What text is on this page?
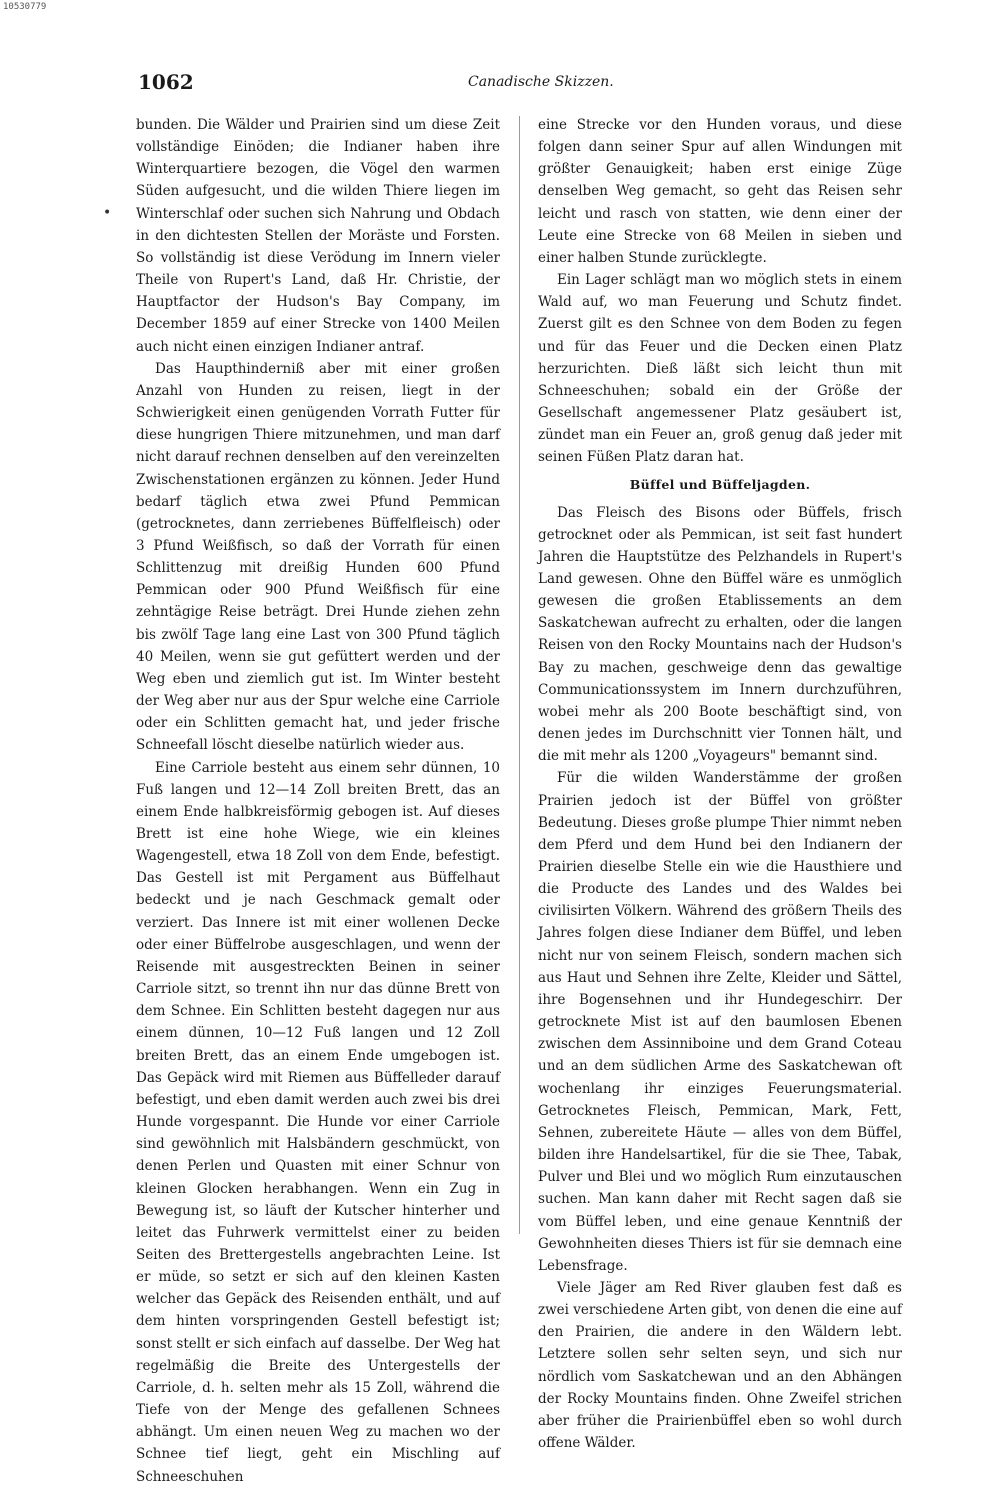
10530779
1062	Canadische Skizzen.
•

bunden. Die Wälder und Prairien sind um diese Zeit vollständige Einöden; die Indianer haben ihre Winterquartiere bezogen, die Vögel den warmen Süden aufgesucht, und die wilden Thiere liegen im Winterschlaf oder suchen sich Nahrung und Obdach in den dichtesten Stellen der Moräste und Forsten. So vollständig ist diese Verödung im Innern vieler Theile von Rupert's Land, daß Hr. Christie, der Hauptfactor der Hudson's Bay Company, im December 1859 auf einer Strecke von 1400 Meilen auch nicht einen einzigen Indianer antraf.

Das Haupthinderniß aber mit einer großen Anzahl von Hunden zu reisen, liegt in der Schwierigkeit einen genügenden Vorrath Futter für diese hungrigen Thiere mitzunehmen, und man darf nicht darauf rechnen denselben auf den vereinzelten Zwischenstationen ergänzen zu können. Jeder Hund bedarf täglich etwa zwei Pfund Pemmican (getrocknetes, dann zerriebenes Büffelfleisch) oder 3 Pfund Weißfisch, so daß der Vorrath für einen Schlittenzug mit dreißig Hunden 600 Pfund Pemmican oder 900 Pfund Weißfisch für eine zehntägige Reise beträgt. Drei Hunde ziehen zehn bis zwölf Tage lang eine Last von 300 Pfund täglich 40 Meilen, wenn sie gut gefüttert werden und der Weg eben und ziemlich gut ist. Im Winter besteht der Weg aber nur aus der Spur welche eine Carriole oder ein Schlitten gemacht hat, und jeder frische Schneefall löscht dieselbe natürlich wieder aus.

Eine Carriole besteht aus einem sehr dünnen, 10 Fuß langen und 12—14 Zoll breiten Brett, das an einem Ende halbkreisförmig gebogen ist. Auf dieses Brett ist eine hohe Wiege, wie ein kleines Wagengestell, etwa 18 Zoll von dem Ende, befestigt. Das Gestell ist mit Pergament aus Büffelhaut bedeckt und je nach Geschmack gemalt oder verziert. Das Innere ist mit einer wollenen Decke oder einer Büffelrobe ausgeschlagen, und wenn der Reisende mit ausgestreckten Beinen in seiner Carriole sitzt, so trennt ihn nur das dünne Brett von dem Schnee. Ein Schlitten besteht dagegen nur aus einem dünnen, 10—12 Fuß langen und 12 Zoll breiten Brett, das an einem Ende umgebogen ist. Das Gepäck wird mit Riemen aus Büffelleder darauf befestigt, und eben damit werden auch zwei bis drei Hunde vorgespannt. Die Hunde vor einer Carriole sind gewöhnlich mit Halsbändern geschmückt, von denen Perlen und Quasten mit einer Schnur von kleinen Glocken herabhangen. Wenn ein Zug in Bewegung ist, so läuft der Kutscher hinterher und leitet das Fuhrwerk vermittelst einer zu beiden Seiten des Brettergestells angebrachten Leine. Ist er müde, so setzt er sich auf den kleinen Kasten welcher das Gepäck des Reisenden enthält, und auf dem hinten vorspringenden Gestell befestigt ist; sonst stellt er sich einfach auf dasselbe. Der Weg hat regelmäßig die Breite des Untergestells der Carriole, d. h. selten mehr als 15 Zoll, während die Tiefe von der Menge des gefallenen Schnees abhängt. Um einen neuen Weg zu machen wo der Schnee tief liegt, geht ein Mischling auf Schneeschuhen

eine Strecke vor den Hunden voraus, und diese folgen dann seiner Spur auf allen Windungen mit größter Genauigkeit; haben erst einige Züge denselben Weg gemacht, so geht das Reisen sehr leicht und rasch von statten, wie denn einer der Leute eine Strecke von 68 Meilen in sieben und einer halben Stunde zurücklegte.

Ein Lager schlägt man wo möglich stets in einem Wald auf, wo man Feuerung und Schutz findet. Zuerst gilt es den Schnee von dem Boden zu fegen und für das Feuer und die Decken einen Platz herzurichten. Dieß läßt sich leicht thun mit Schneeschuhen; sobald ein der Größe der Gesellschaft angemessener Platz gesäubert ist, zündet man ein Feuer an, groß genug daß jeder mit seinen Füßen Platz daran hat.

Büffel und Büffeljagden.

Das Fleisch des Bisons oder Büffels, frisch getrocknet oder als Pemmican, ist seit fast hundert Jahren die Hauptstütze des Pelzhandels in Rupert's Land gewesen. Ohne den Büffel wäre es unmöglich gewesen die großen Etablissements an dem Saskatchewan aufrecht zu erhalten, oder die langen Reisen von den Rocky Mountains nach der Hudson's Bay zu machen, geschweige denn das gewaltige Communicationssystem im Innern durchzuführen, wobei mehr als 200 Boote beschäftigt sind, von denen jedes im Durchschnitt vier Tonnen hält, und die mit mehr als 1200 „Voyageurs" bemannt sind.

Für die wilden Wanderstämme der großen Prairien jedoch ist der Büffel von größter Bedeutung. Dieses große plumpe Thier nimmt neben dem Pferd und dem Hund bei den Indianern der Prairien dieselbe Stelle ein wie die Hausthiere und die Producte des Landes und des Waldes bei civilisirten Völkern. Während des größern Theils des Jahres folgen diese Indianer dem Büffel, und leben nicht nur von seinem Fleisch, sondern machen sich aus Haut und Sehnen ihre Zelte, Kleider und Sättel, ihre Bogensehnen und ihr Hundegeschirr. Der getrocknete Mist ist auf den baumlosen Ebenen zwischen dem Assinniboine und dem Grand Coteau und an dem südlichen Arme des Saskatchewan oft wochenlang ihr einziges Feuerungsmaterial. Getrocknetes Fleisch, Pemmican, Mark, Fett, Sehnen, zubereitete Häute — alles von dem Büffel, bilden ihre Handelsartikel, für die sie Thee, Tabak, Pulver und Blei und wo möglich Rum einzutauschen suchen. Man kann daher mit Recht sagen daß sie vom Büffel leben, und eine genaue Kenntniß der Gewohnheiten dieses Thiers ist für sie demnach eine Lebensfrage.

Viele Jäger am Red River glauben fest daß es zwei verschiedene Arten gibt, von denen die eine auf den Prairien, die andere in den Wäldern lebt. Letztere sollen sehr selten seyn, und sich nur nördlich vom Saskatchewan und an den Abhängen der Rocky Mountains finden. Ohne Zweifel strichen aber früher die Prairienbüffel eben so wohl durch offene Wälder.
